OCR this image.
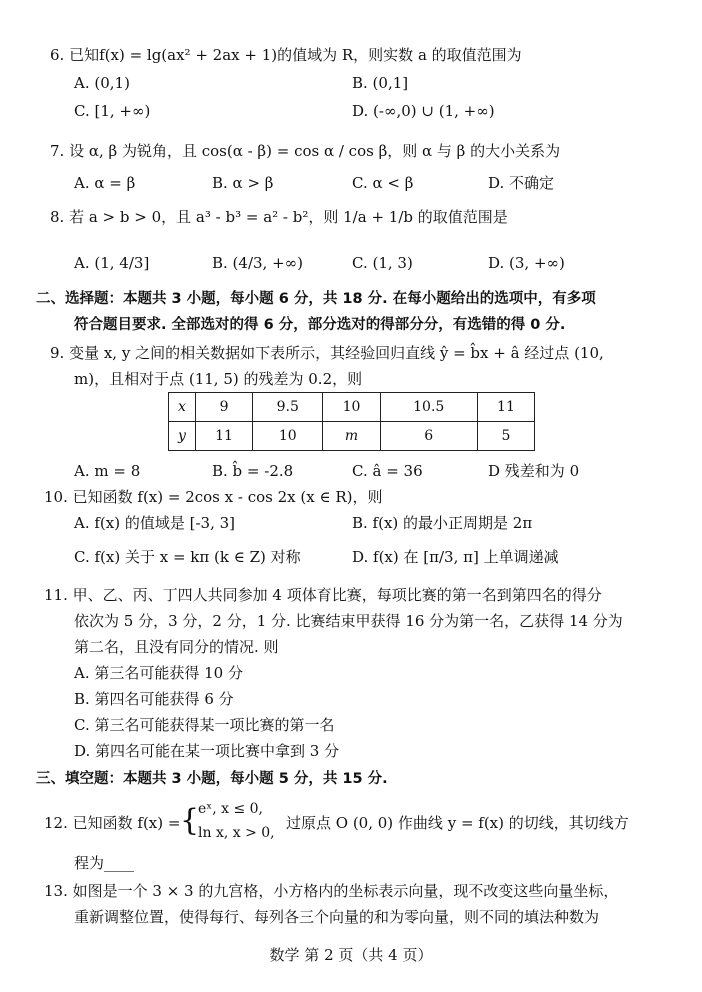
6. 已知f(x) = lg(ax² + 2ax + 1)的值域为 R，则实数 a 的取值范围为
A. (0,1)	B. (0,1]
C. [1, +∞)	D. (-∞,0) ∪ (1, +∞)
7. 设 α, β 为锐角，且 cos(α - β) = cos α / cos β，则 α 与 β 的大小关系为
A. α = β	B. α > β	C. α < β	D. 不确定
8. 若 a > b > 0，且 a³ - b³ = a² - b²，则 1/a + 1/b 的取值范围是
A. (1, 4/3]	B. (4/3, +∞)	C. (1, 3)	D. (3, +∞)
二、选择题：本题共 3 小题，每小题 6 分，共 18 分. 在每小题给出的选项中，有多项
符合题目要求. 全部选对的得 6 分，部分选对的得部分分，有选错的得 0 分.
9. 变量 x, y 之间的相关数据如下表所示，其经验回归直线 ŷ = b̂x + â 经过点 (10,
m)，且相对于点 (11, 5) 的残差为 0.2，则
x	9	9.5	10	10.5	11
y	11	10	m	6	5
A. m = 8	B. b̂ = -2.8	C. â = 36	D 残差和为 0
10. 已知函数 f(x) = 2cos x - cos 2x (x ∈ R)，则
A. f(x) 的值域是 [-3, 3]	B. f(x) 的最小正周期是 2π
C. f(x) 关于 x = kπ (k ∈ Z) 对称	D. f(x) 在 [π/3, π] 上单调递减
11. 甲、乙、丙、丁四人共同参加 4 项体育比赛，每项比赛的第一名到第四名的得分
依次为 5 分，3 分，2 分，1 分. 比赛结束甲获得 16 分为第一名，乙获得 14 分为
第二名，且没有同分的情况. 则
A. 第三名可能获得 10 分
B. 第四名可能获得 6 分
C. 第三名可能获得某一项比赛的第一名
D. 第四名可能在某一项比赛中拿到 3 分
三、填空题：本题共 3 小题，每小题 5 分，共 15 分.
12. 已知函数 f(x) = {
eˣ, x ≤ 0,
ln x, x > 0,
过原点 O (0, 0) 作曲线 y = f(x) 的切线，其切线方
程为____
13. 如图是一个 3 × 3 的九宫格，小方格内的坐标表示向量，现不改变这些向量坐标，
重新调整位置，使得每行、每列各三个向量的和为零向量，则不同的填法种数为
数学 第 2 页（共 4 页）
